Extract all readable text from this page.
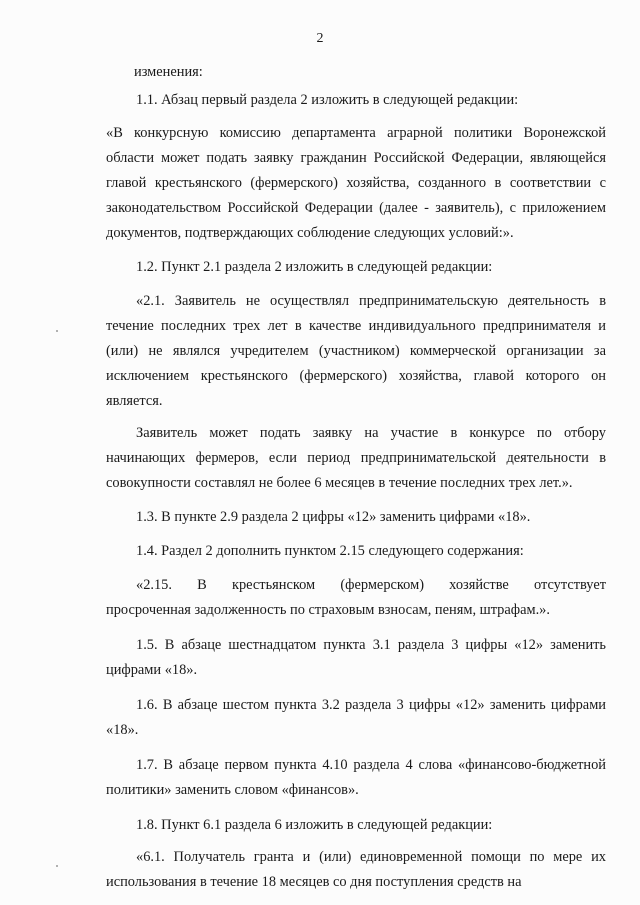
2

изменения:

1.1. Абзац первый раздела 2 изложить в следующей редакции:

«В конкурсную комиссию департамента аграрной политики Воронежской области может подать заявку гражданин Российской Федерации, являющейся главой крестьянского (фермерского) хозяйства, созданного в соответствии с законодательством Российской Федерации (далее - заявитель), с приложением документов, подтверждающих соблюдение следующих условий:».

1.2. Пункт 2.1 раздела 2 изложить в следующей редакции:

«2.1. Заявитель не осуществлял предпринимательскую деятельность в течение последних трех лет в качестве индивидуального предпринимателя и (или) не являлся учредителем (участником) коммерческой организации за исключением крестьянского (фермерского) хозяйства, главой которого он является.

Заявитель может подать заявку на участие в конкурсе по отбору начинающих фермеров, если период предпринимательской деятельности в совокупности составлял не более 6 месяцев в течение последних трех лет.».

1.3. В пункте 2.9 раздела 2 цифры «12» заменить цифрами «18».

1.4. Раздел 2 дополнить пунктом 2.15 следующего содержания:

«2.15. В крестьянском (фермерском) хозяйстве отсутствует

просроченная задолженность по страховым взносам, пеням, штрафам.».

1.5. В абзаце шестнадцатом пункта 3.1 раздела 3 цифры «12» заменить цифрами «18».

1.6. В абзаце шестом пункта 3.2 раздела 3 цифры «12» заменить цифрами «18».

1.7. В абзаце первом пункта 4.10 раздела 4 слова «финансово-бюджетной политики» заменить словом «финансов».

1.8. Пункт 6.1 раздела 6 изложить в следующей редакции:

«6.1. Получатель гранта и (или) единовременной помощи по мере их использования в течение 18 месяцев со дня поступления средств на
